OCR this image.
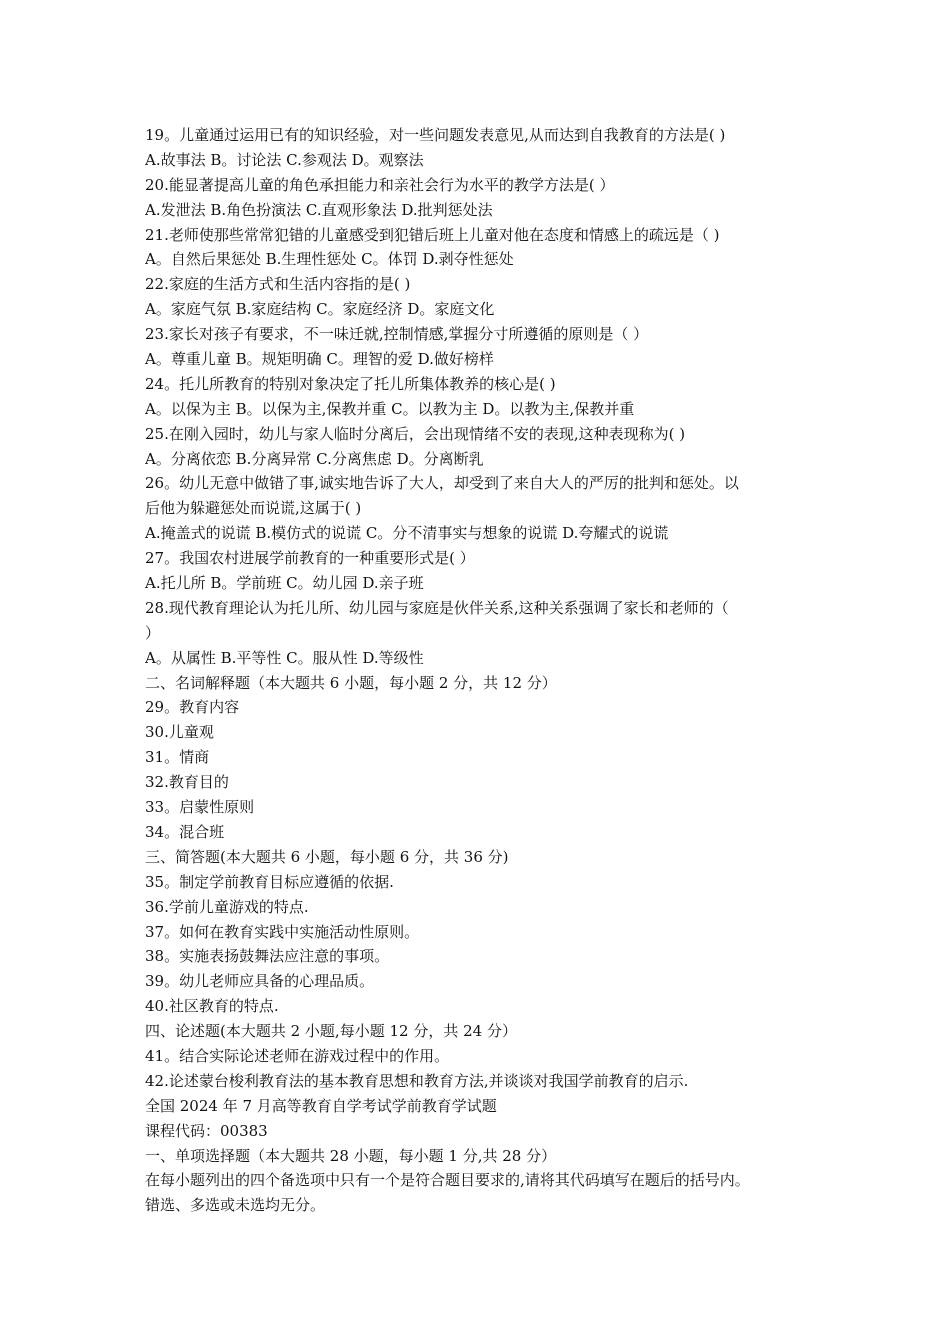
19。儿童通过运用已有的知识经验，对一些问题发表意见,从而达到自我教育的方法是( )
A.故事法 B。讨论法 C.参观法 D。观察法
20.能显著提高儿童的角色承担能力和亲社会行为水平的教学方法是( ）
A.发泄法 B.角色扮演法 C.直观形象法 D.批判惩处法
21.老师使那些常常犯错的儿童感受到犯错后班上儿童对他在态度和情感上的疏远是（ )
A。自然后果惩处 B.生理性惩处 C。体罚 D.剥夺性惩处
22.家庭的生活方式和生活内容指的是( )
A。家庭气氛 B.家庭结构 C。家庭经济 D。家庭文化
23.家长对孩子有要求，不一味迁就,控制情感,掌握分寸所遵循的原则是（ ）
A。尊重儿童 B。规矩明确 C。理智的爱 D.做好榜样
24。托儿所教育的特别对象决定了托儿所集体教养的核心是( )
A。以保为主 B。以保为主,保教并重 C。以教为主 D。以教为主,保教并重
25.在刚入园时，幼儿与家人临时分离后，会出现情绪不安的表现,这种表现称为( )
A。分离依恋 B.分离异常 C.分离焦虑 D。分离断乳
26。幼儿无意中做错了事,诚实地告诉了大人，却受到了来自大人的严厉的批判和惩处。以
后他为躲避惩处而说谎,这属于( )
A.掩盖式的说谎 B.模仿式的说谎 C。分不清事实与想象的说谎 D.夸耀式的说谎
27。我国农村进展学前教育的一种重要形式是( ）
A.托儿所 B。学前班 C。幼儿园 D.亲子班
28.现代教育理论认为托儿所、幼儿园与家庭是伙伴关系,这种关系强调了家长和老师的（
）
A。从属性 B.平等性 C。服从性 D.等级性
二、名词解释题（本大题共 6 小题，每小题 2 分，共 12 分）
29。教育内容
30.儿童观
31。情商
32.教育目的
33。启蒙性原则
34。混合班
三、简答题(本大题共 6 小题，每小题 6 分，共 36 分)
35。制定学前教育目标应遵循的依据.
36.学前儿童游戏的特点.
37。如何在教育实践中实施活动性原则。
38。实施表扬鼓舞法应注意的事项。
39。幼儿老师应具备的心理品质。
40.社区教育的特点.
四、论述题(本大题共 2 小题,每小题 12 分，共 24 分）
41。结合实际论述老师在游戏过程中的作用。
42.论述蒙台梭利教育法的基本教育思想和教育方法,并谈谈对我国学前教育的启示.
全国 2024 年 7 月高等教育自学考试学前教育学试题
课程代码：00383
一、单项选择题（本大题共 28 小题，每小题 1 分,共 28 分）
在每小题列出的四个备选项中只有一个是符合题目要求的,请将其代码填写在题后的括号内。
错选、多选或未选均无分。
